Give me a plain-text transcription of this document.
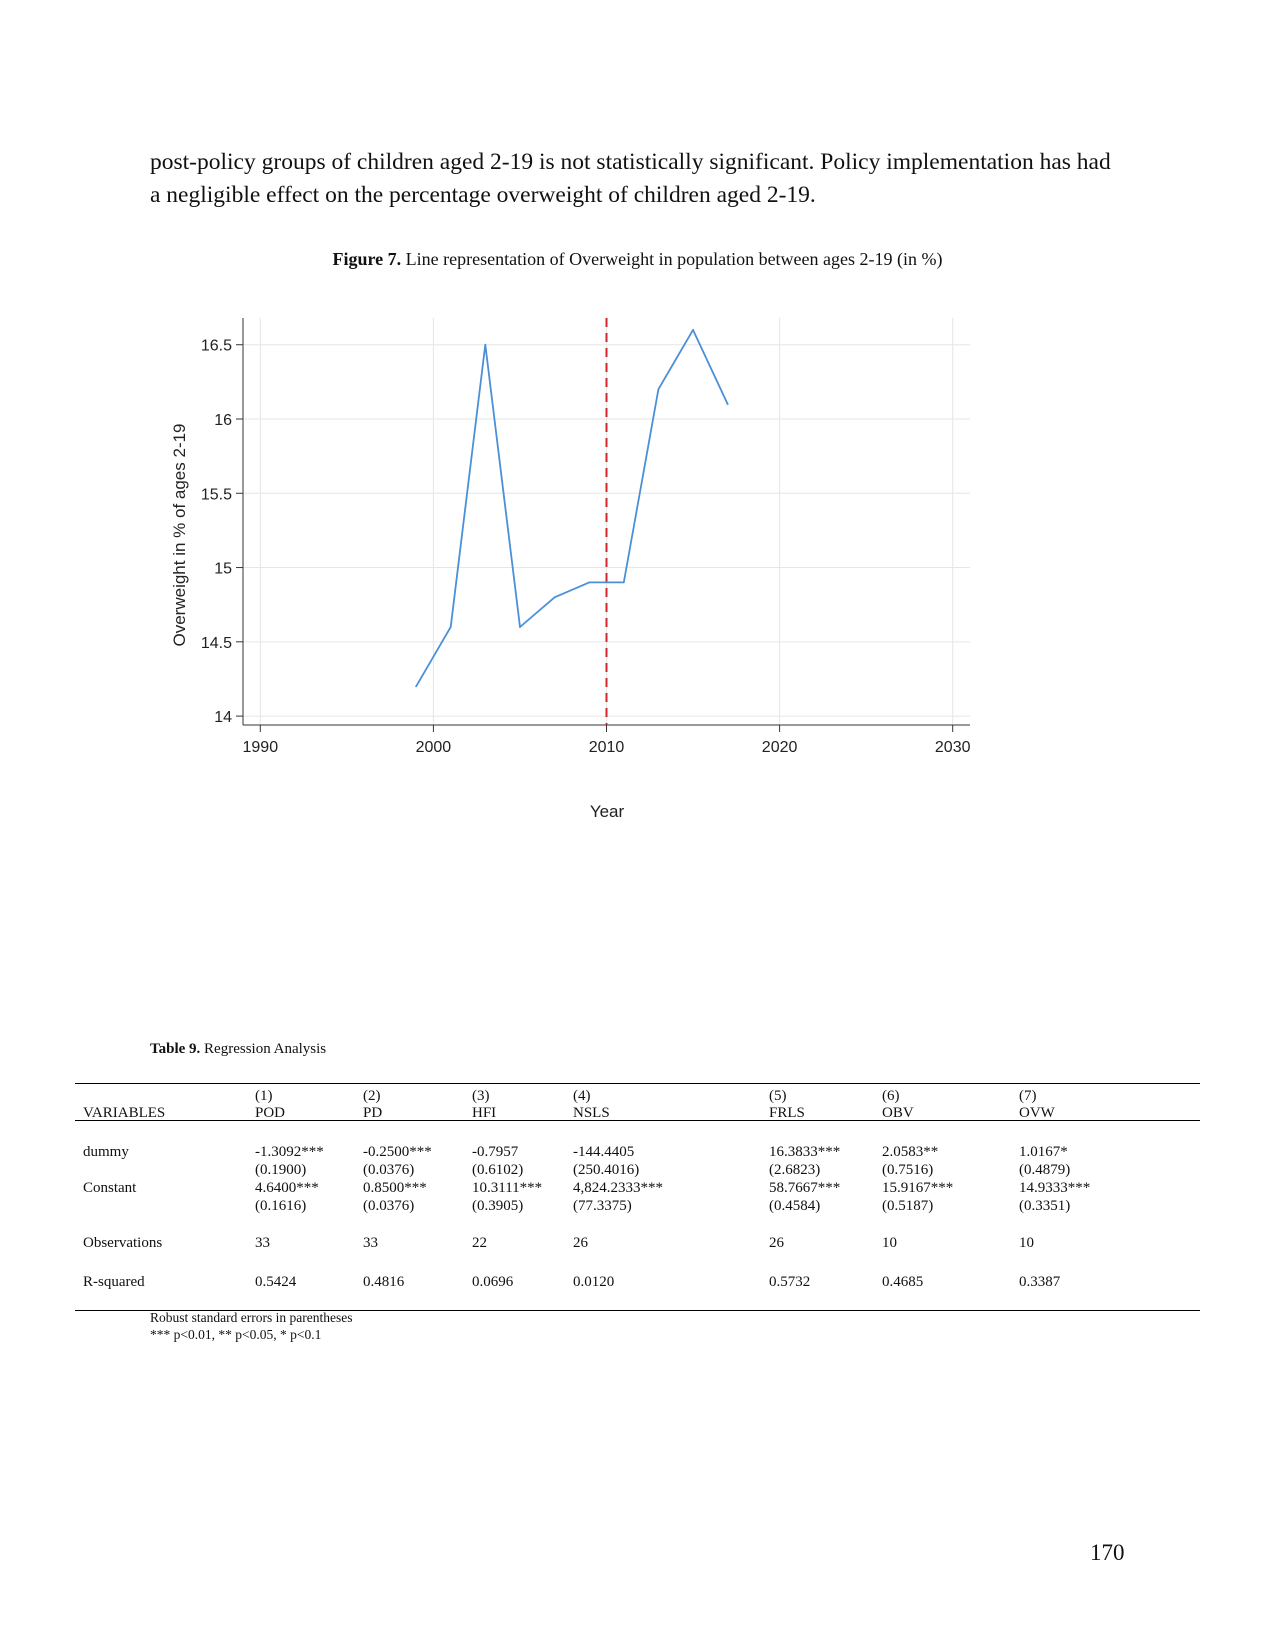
post-policy groups of children aged 2-19 is not statistically significant. Policy implementation has had a negligible effect on the percentage overweight of children aged 2-19.

Figure 7. Line representation of Overweight in population between ages 2-19 (in %)
14
14.5
15
15.5
16
16.5
1990	2000	2010	2020	2030
Year
Overweight in % of ages 2-19
Table 9. Regression Analysis
(1)	(2)	(3)	(4)	(5)	(6)	(7)
VARIABLES	POD	PD	HFI	NSLS	FRLS	OBV	OVW
dummy	-1.3092***	-0.2500***	-0.7957	-144.4405	16.3833***	2.0583**	1.0167*
(0.1900)	(0.0376)	(0.6102)	(250.4016)	(2.6823)	(0.7516)	(0.4879)
Constant	4.6400***	0.8500***	10.3111*** 4,824.2333***	58.7667***	15.9167***	14.9333***
(0.1616)	(0.0376)	(0.3905)	(77.3375)	(0.4584)	(0.5187)	(0.3351)
Observations	33	33	22	26	26	10	10
R-squared	0.5424	0.4816	0.0696	0.0120	0.5732	0.4685	0.3387
Robust standard errors in parentheses
*** p<0.01, ** p<0.05, * p<0.1
170
